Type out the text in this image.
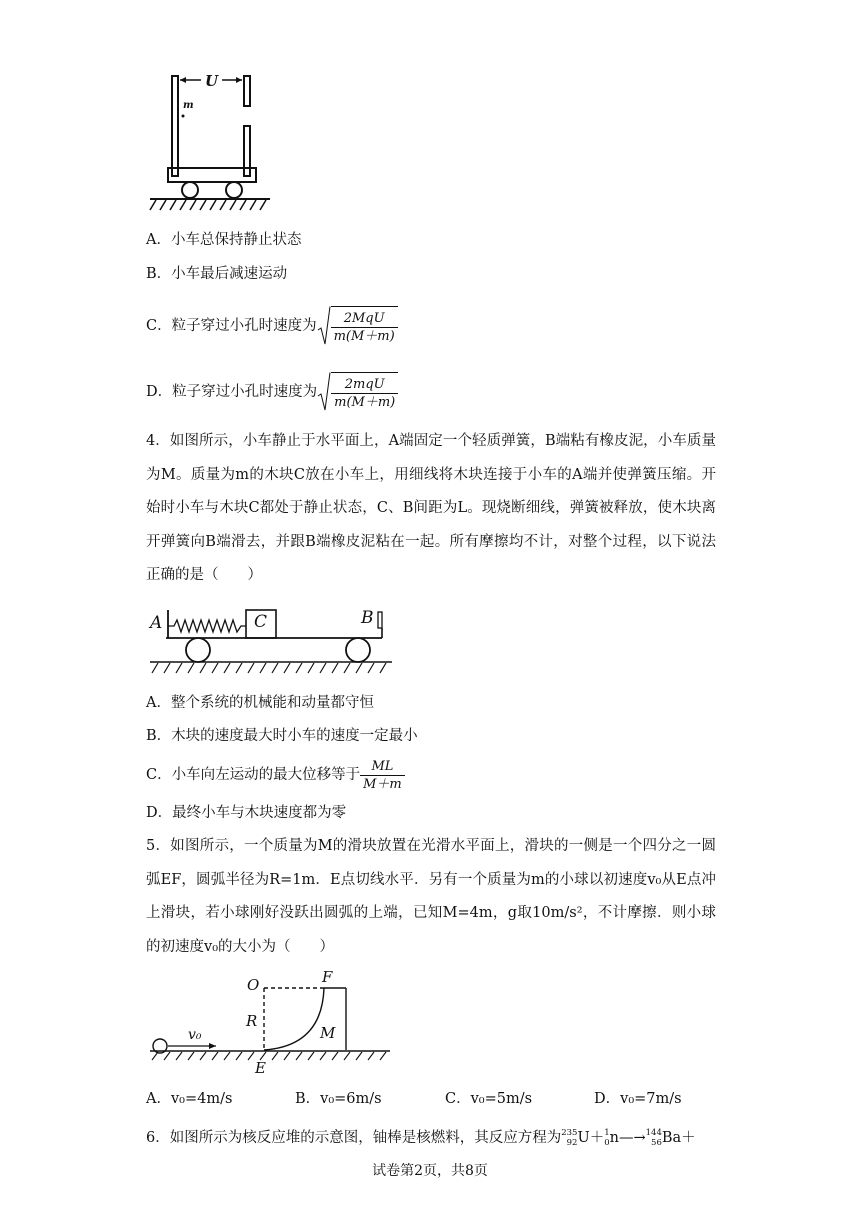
U
m
A．小车总保持静止状态
B．小车最后减速运动
C．粒子穿过小孔时速度为 $\frac{\text{2MqU}}{m(M+m)}$
D．粒子穿过小孔时速度为 $\frac{\text{2mqU}}{m(M+m)}$
4．如图所示，小车静止于水平面上，A端固定一个轻质弹簧，B端粘有橡皮泥，小车质量为M。质量为m的木块C放在小车上，用细线将木块连接于小车的A端并使弹簧压缩。开始时小车与木块C都处于静止状态，C、B间距为L。现烧断细线，弹簧被释放，使木块离开弹簧向B端滑去，并跟B端橡皮泥粘在一起。所有摩擦均不计，对整个过程，以下说法正确的是（　　）
A	C	B
A．整个系统的机械能和动量都守恒
B．木块的速度最大时小车的速度一定最小
C．小车向左运动的最大位移等于 $\frac{ML}{M+m}$
D．最终小车与木块速度都为零
5．如图所示，一个质量为M的滑块放置在光滑水平面上，滑块的一侧是一个四分之一圆弧EF，圆弧半径为R=1m．E点切线水平．另有一个质量为m的小球以初速度v₀从E点冲上滑块，若小球刚好没跃出圆弧的上端，已知M=4m，g取10m/s²，不计摩擦．则小球的初速度v₀的大小为（　　）
O	F
R
M
E
v₀
A．v₀=4m/s	B．v₀=6m/s	C．v₀=5m/s	D．v₀=7m/s
6．如图所示为核反应堆的示意图，铀棒是核燃料，其反应方程为 235
92 U＋ 1
0 n—→ 144
56 Ba＋
试卷第2页，共8页
